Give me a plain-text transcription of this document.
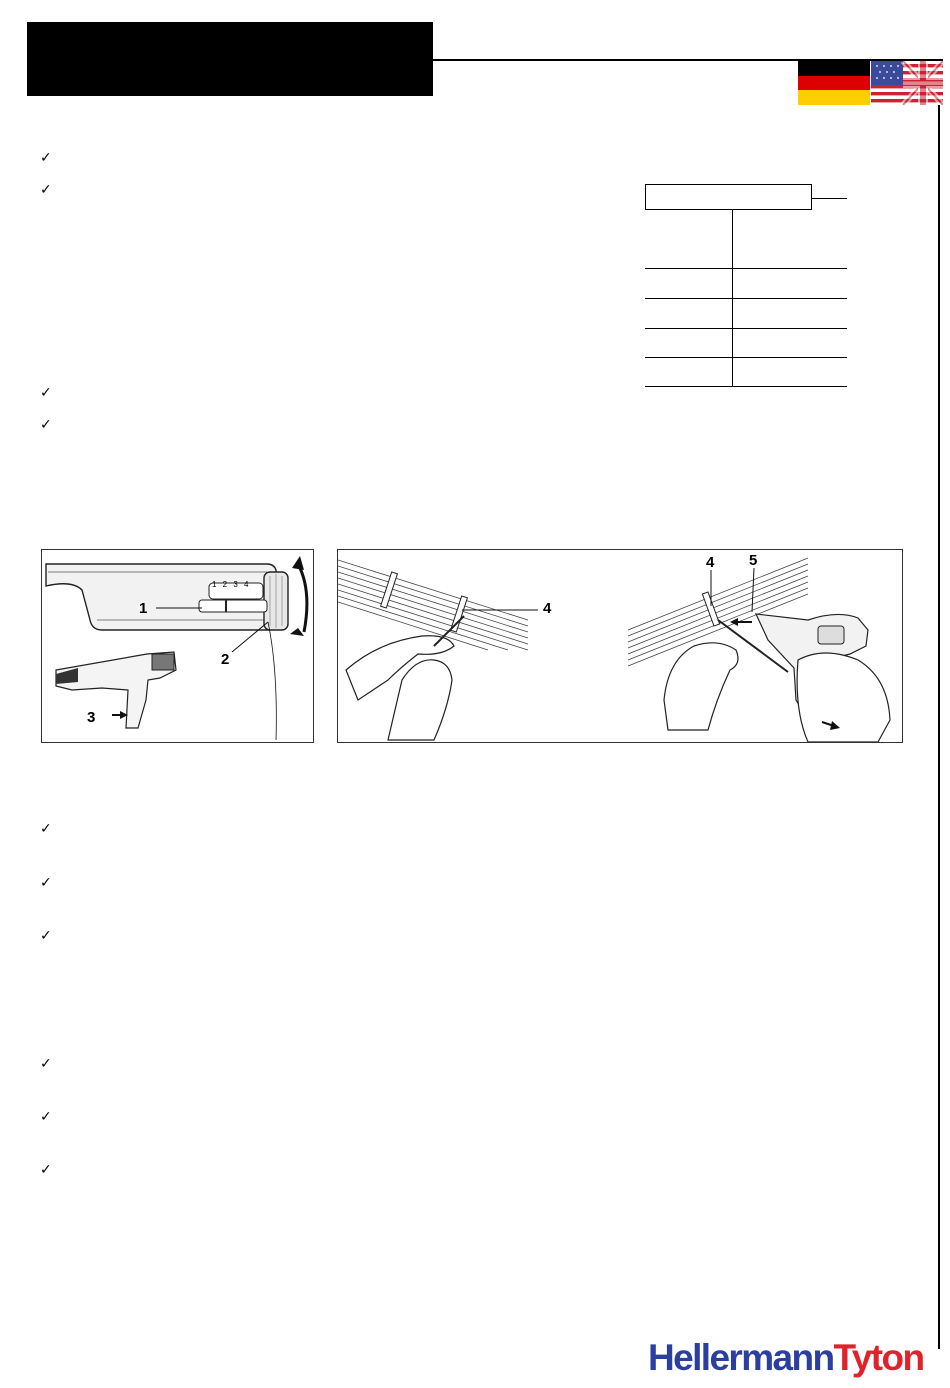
✓
✓
✓
✓
1 2 3 4
1
2
3
4
4 5
✓
✓
✓
✓
✓
✓
HellermannTyton
